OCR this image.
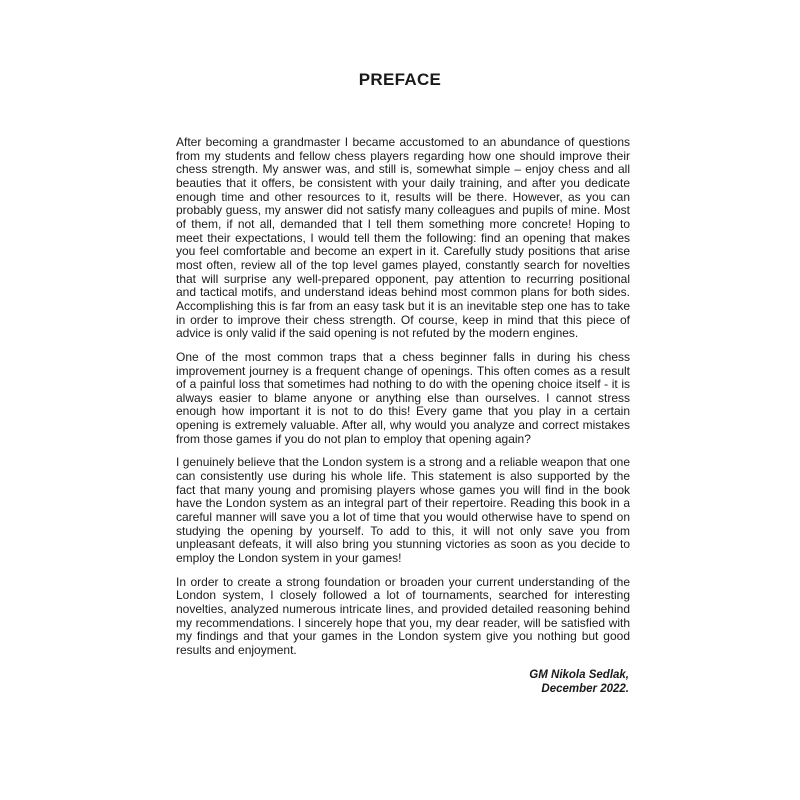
PREFACE

After becoming a grandmaster I became accustomed to an abundance of questions from my students and fellow chess players regarding how one should improve their chess strength. My answer was, and still is, somewhat simple – enjoy chess and all beauties that it offers, be consistent with your daily training, and after you dedicate enough time and other resources to it, results will be there. However, as you can probably guess, my answer did not satisfy many colleagues and pupils of mine. Most of them, if not all, demanded that I tell them something more concrete! Hoping to meet their expectations, I would tell them the following: find an opening that makes you feel comfortable and become an expert in it. Carefully study positions that arise most often, review all of the top level games played, constantly search for novelties that will surprise any well-prepared opponent, pay attention to recurring positional and tactical motifs, and understand ideas behind most common plans for both sides. Accomplishing this is far from an easy task but it is an inevitable step one has to take in order to improve their chess strength. Of course, keep in mind that this piece of advice is only valid if the said opening is not refuted by the modern engines.

One of the most common traps that a chess beginner falls in during his chess improvement journey is a frequent change of openings. This often comes as a result of a painful loss that sometimes had nothing to do with the opening choice itself - it is always easier to blame anyone or anything else than ourselves. I cannot stress enough how important it is not to do this! Every game that you play in a certain opening is extremely valuable. After all, why would you analyze and correct mistakes from those games if you do not plan to employ that opening again?

I genuinely believe that the London system is a strong and a reliable weapon that one can consistently use during his whole life. This statement is also supported by the fact that many young and promising players whose games you will find in the book have the London system as an integral part of their repertoire. Reading this book in a careful manner will save you a lot of time that you would otherwise have to spend on studying the opening by yourself. To add to this, it will not only save you from unpleasant defeats, it will also bring you stunning victories as soon as you decide to employ the London system in your games!

In order to create a strong foundation or broaden your current understanding of the London system, I closely followed a lot of tournaments, searched for interesting novelties, analyzed numerous intricate lines, and provided detailed reasoning behind my recommendations. I sincerely hope that you, my dear reader, will be satisfied with my findings and that your games in the London system give you nothing but good results and enjoyment.

GM Nikola Sedlak,
December 2022.
